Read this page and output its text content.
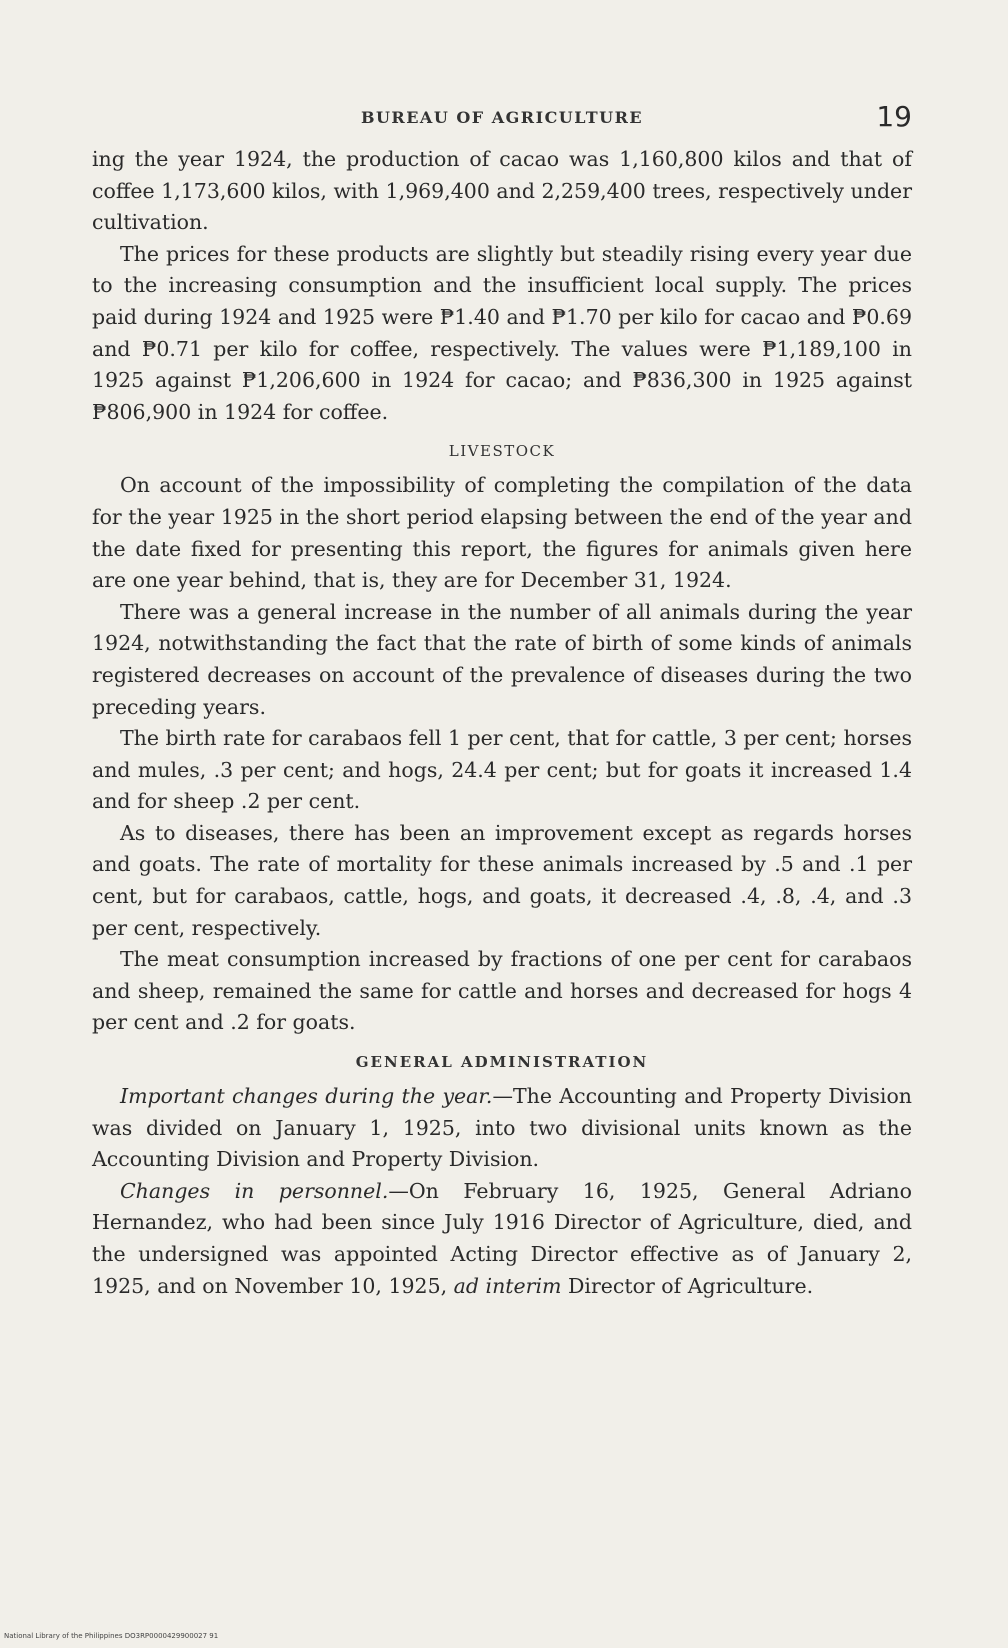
BUREAU OF AGRICULTURE	19

ing the year 1924, the production of cacao was 1,160,800 kilos and that of coffee 1,173,600 kilos, with 1,969,400 and 2,259,400 trees, respectively under cultivation.

The prices for these products are slightly but steadily rising every year due to the increasing consumption and the insufficient local supply. The prices paid during 1924 and 1925 were ₱1.40 and ₱1.70 per kilo for cacao and ₱0.69 and ₱0.71 per kilo for coffee, respectively. The values were ₱1,189,100 in 1925 against ₱1,206,600 in 1924 for cacao; and ₱836,300 in 1925 against ₱806,900 in 1924 for coffee.

LIVESTOCK

On account of the impossibility of completing the compilation of the data for the year 1925 in the short period elapsing between the end of the year and the date fixed for presenting this report, the figures for animals given here are one year behind, that is, they are for December 31, 1924.

There was a general increase in the number of all animals during the year 1924, notwithstanding the fact that the rate of birth of some kinds of animals registered decreases on account of the prevalence of diseases during the two preceding years.

The birth rate for carabaos fell 1 per cent, that for cattle, 3 per cent; horses and mules, .3 per cent; and hogs, 24.4 per cent; but for goats it increased 1.4 and for sheep .2 per cent.

As to diseases, there has been an improvement except as regards horses and goats. The rate of mortality for these animals increased by .5 and .1 per cent, but for carabaos, cattle, hogs, and goats, it decreased .4, .8, .4, and .3 per cent, respectively.

The meat consumption increased by fractions of one per cent for carabaos and sheep, remained the same for cattle and horses and decreased for hogs 4 per cent and .2 for goats.

GENERAL ADMINISTRATION

Important changes during the year.—The Accounting and Property Division was divided on January 1, 1925, into two divisional units known as the Accounting Division and Property Division.

Changes in personnel.—On February 16, 1925, General Adriano Hernandez, who had been since July 1916 Director of Agriculture, died, and the undersigned was appointed Acting Director effective as of January 2, 1925, and on November 10, 1925, ad interim Director of Agriculture.

National Library of the Philippines DO3RP0000429900027 91
